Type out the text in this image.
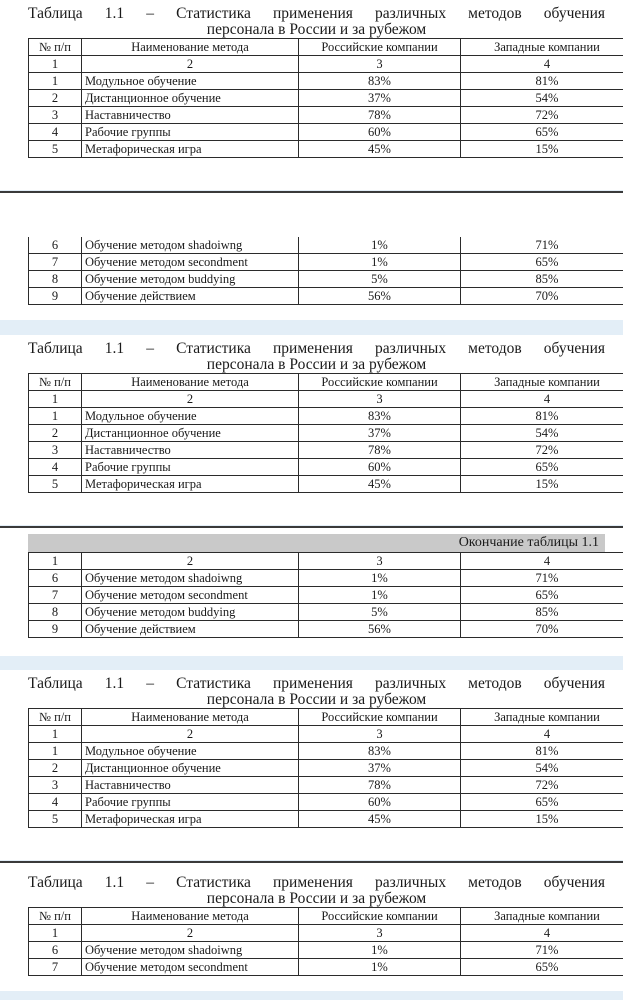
Таблица 1.1 – Статистика применения различных методов обучения

персонала в России и за рубежом

№ п/п	Наименование метода	Российские компании	Западные компании
1	2	3	4
1	Модульное обучение	83%	81%
2	Дистанционное обучение	37%	54%
3	Наставничество	78%	72%
4	Рабочие группы	60%	65%
5	Метафорическая игра	45%	15%
6	Обучение методом shadoiwng	1%	71%
7	Обучение методом secondment	1%	65%
8	Обучение методом buddying	5%	85%
9	Обучение действием	56%	70%

Таблица 1.1 – Статистика применения различных методов обучения

персонала в России и за рубежом

№ п/п	Наименование метода	Российские компании	Западные компании
1	2	3	4
1	Модульное обучение	83%	81%
2	Дистанционное обучение	37%	54%
3	Наставничество	78%	72%
4	Рабочие группы	60%	65%
5	Метафорическая игра	45%	15%
Окончание таблицы 1.1
1	2	3	4
6	Обучение методом shadoiwng	1%	71%
7	Обучение методом secondment	1%	65%
8	Обучение методом buddying	5%	85%
9	Обучение действием	56%	70%

Таблица 1.1 – Статистика применения различных методов обучения

персонала в России и за рубежом

№ п/п	Наименование метода	Российские компании	Западные компании
1	2	3	4
1	Модульное обучение	83%	81%
2	Дистанционное обучение	37%	54%
3	Наставничество	78%	72%
4	Рабочие группы	60%	65%
5	Метафорическая игра	45%	15%

Таблица 1.1 – Статистика применения различных методов обучения

персонала в России и за рубежом

№ п/п	Наименование метода	Российские компании	Западные компании
1	2	3	4
6	Обучение методом shadoiwng	1%	71%
7	Обучение методом secondment	1%	65%
